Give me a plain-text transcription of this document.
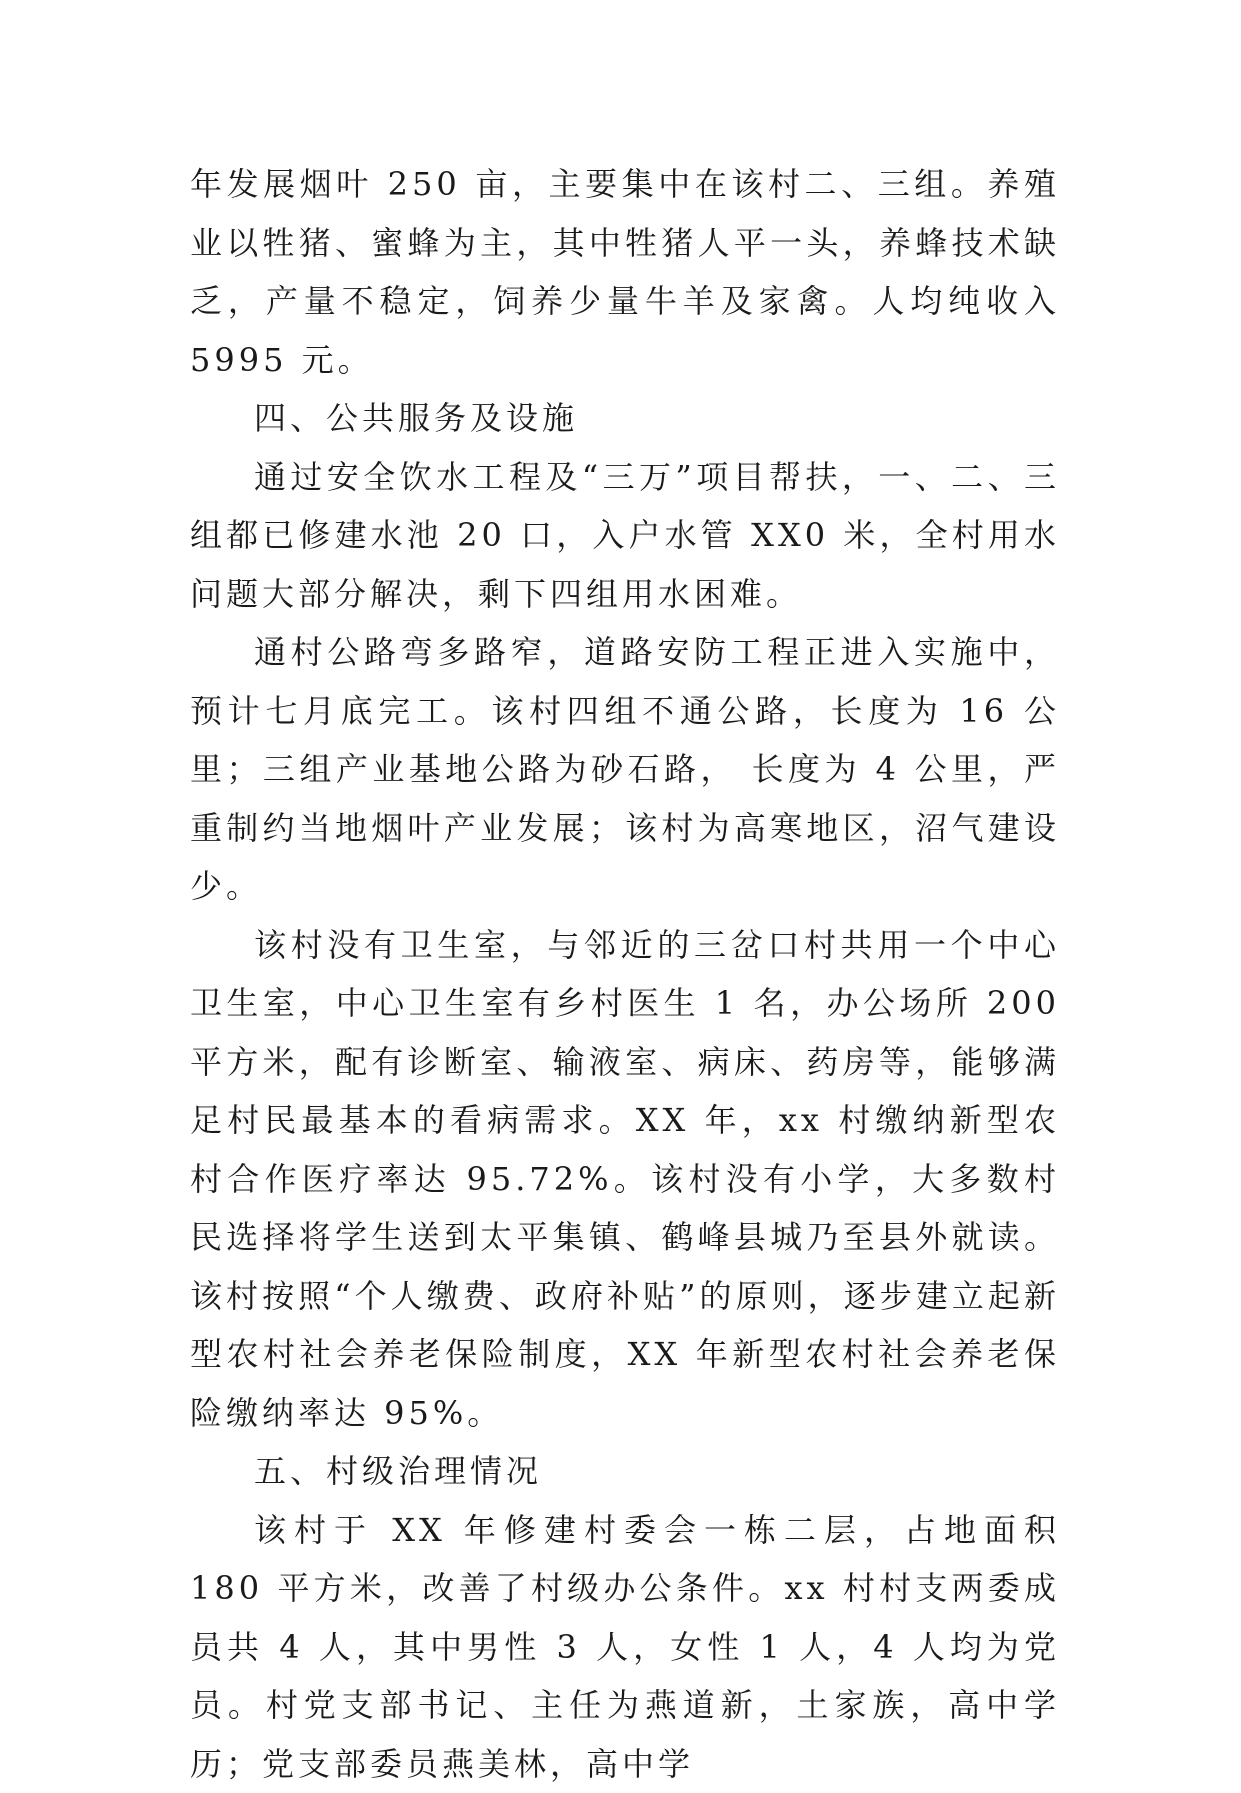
年发展烟叶 250 亩，主要集中在该村二、三组。养殖业以牲猪、蜜蜂为主，其中牲猪人平一头，养蜂技术缺乏，产量不稳定，饲养少量牛羊及家禽。人均纯收入 5995 元。

四、公共服务及设施

通过安全饮水工程及“三万”项目帮扶，一、二、三组都已修建水池 20 口，入户水管 XX0 米，全村用水问题大部分解决，剩下四组用水困难。

通村公路弯多路窄，道路安防工程正进入实施中，预计七月底完工。该村四组不通公路，长度为 16 公里；三组产业基地公路为砂石路， 长度为 4 公里，严重制约当地烟叶产业发展；该村为高寒地区，沼气建设少。

该村没有卫生室，与邻近的三岔口村共用一个中心卫生室，中心卫生室有乡村医生 1 名，办公场所 200 平方米，配有诊断室、输液室、病床、药房等，能够满足村民最基本的看病需求。XX 年，xx 村缴纳新型农村合作医疗率达 95.72%。该村没有小学，大多数村民选择将学生送到太平集镇、鹤峰县城乃至县外就读。该村按照“个人缴费、政府补贴”的原则，逐步建立起新型农村社会养老保险制度，XX 年新型农村社会养老保险缴纳率达 95%。

五、村级治理情况

该村于 XX 年修建村委会一栋二层，占地面积 180 平方米，改善了村级办公条件。xx 村村支两委成员共 4 人，其中男性 3 人，女性 1 人，4 人均为党员。村党支部书记、主任为燕道新，土家族，高中学历；党支部委员燕美林，高中学
